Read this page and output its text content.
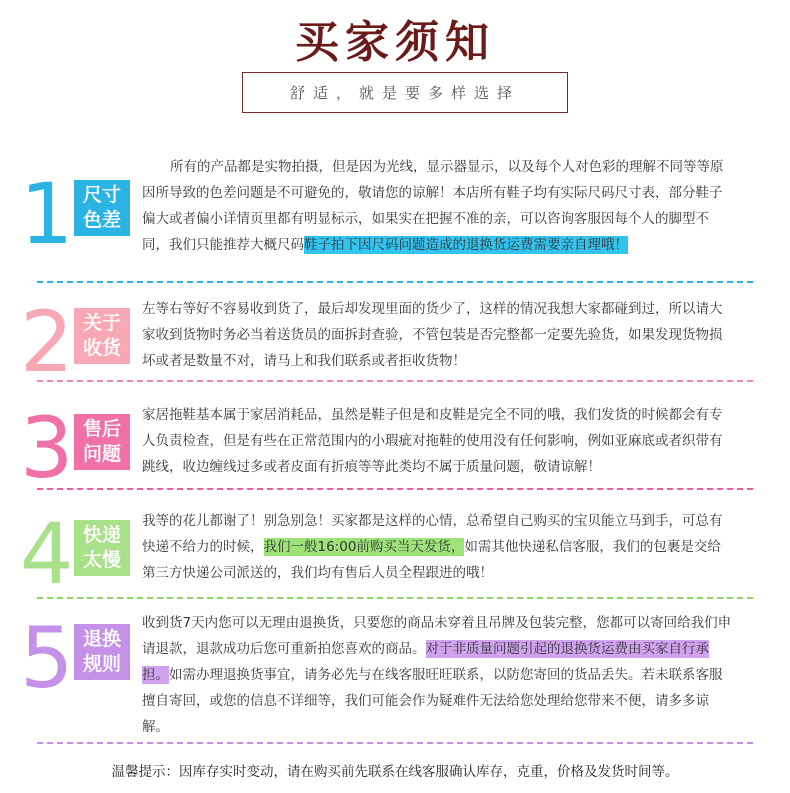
买家须知
舒适，就是要多样选择
1 尺寸
色差
所有的产品都是实物拍摄，但是因为光线，显示器显示，以及每个人对色彩的理解不同等等原因所导致的色差问题是不可避免的，敬请您的谅解！本店所有鞋子均有实际尺码尺寸表，部分鞋子偏大或者偏小详情页里都有明显标示，如果实在把握不准的亲，可以咨询客服因每个人的脚型不同，我们只能推荐大概尺码鞋子拍下因尺码问题造成的退换货运费需要亲自理哦！
2 关于
收货
左等右等好不容易收到货了，最后却发现里面的货少了，这样的情况我想大家都碰到过，所以请大家收到货物时务必当着送货员的面拆封查验，不管包装是否完整都一定要先验货，如果发现货物损坏或者是数量不对，请马上和我们联系或者拒收货物！
3 售后
问题
家居拖鞋基本属于家居消耗品，虽然是鞋子但是和皮鞋是完全不同的哦，我们发货的时候都会有专人负责检查，但是有些在正常范围内的小瑕疵对拖鞋的使用没有任何影响，例如亚麻底或者织带有跳线，收边缠线过多或者皮面有折痕等等此类均不属于质量问题，敬请谅解！
4 快递
太慢
我等的花儿都谢了！别急别急！买家都是这样的心情，总希望自己购买的宝贝能立马到手，可总有快递不给力的时候，我们一般16:00前购买当天发货，如需其他快递私信客服，我们的包裹是交给第三方快递公司派送的，我们均有售后人员全程跟进的哦！
5 退换
规则
收到货7天内您可以无理由退换货，只要您的商品未穿着且吊牌及包装完整，您都可以寄回给我们申请退款，退款成功后您可重新拍您喜欢的商品。对于非质量问题引起的退换货运费由买家自行承担。如需办理退换货事宜，请务必先与在线客服旺旺联系，以防您寄回的货品丢失。若未联系客服擅自寄回，或您的信息不详细等，我们可能会作为疑难件无法给您处理给您带来不便，请多多谅解。
温馨提示：因库存实时变动，请在购买前先联系在线客服确认库存，克重，价格及发货时间等。
